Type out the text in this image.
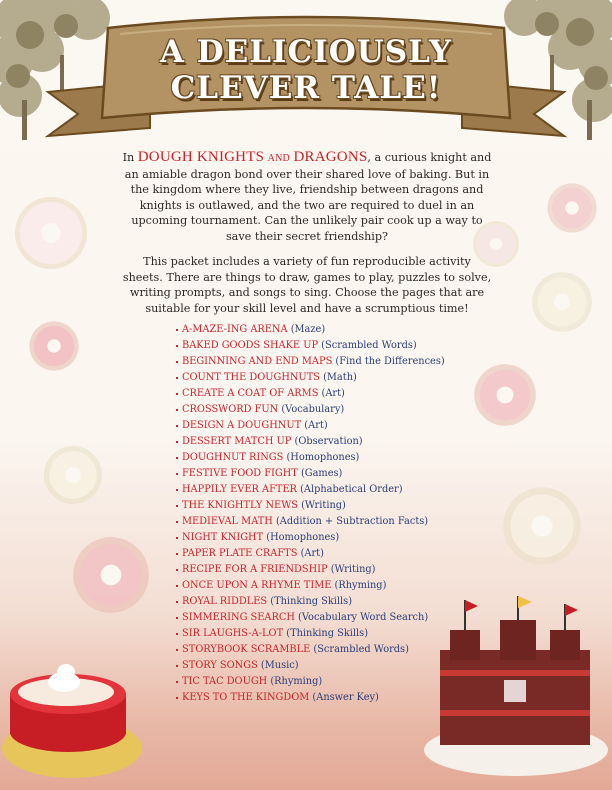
A DELICIOUSLY
CLEVER TALE!
In DOUGH KNIGHTS AND DRAGONS, a curious knight and an amiable dragon bond over their shared love of baking. But in the kingdom where they live, friendship between dragons and knights is outlawed, and the two are required to duel in an upcoming tournament. Can the unlikely pair cook up a way to save their secret friendship?
This packet includes a variety of fun reproducible activity sheets. There are things to draw, games to play, puzzles to solve, writing prompts, and songs to sing. Choose the pages that are suitable for your skill level and have a scrumptious time!
A-MAZE-ING ARENA (Maze)
BAKED GOODS SHAKE UP (Scrambled Words)
BEGINNING AND END MAPS (Find the Differences)
COUNT THE DOUGHNUTS (Math)
CREATE A COAT OF ARMS (Art)
CROSSWORD FUN (Vocabulary)
DESIGN A DOUGHNUT (Art)
DESSERT MATCH UP (Observation)
DOUGHNUT RINGS (Homophones)
FESTIVE FOOD FIGHT (Games)
HAPPILY EVER AFTER (Alphabetical Order)
THE KNIGHTLY NEWS (Writing)
MEDIEVAL MATH (Addition + Subtraction Facts)
NIGHT KNIGHT (Homophones)
PAPER PLATE CRAFTS (Art)
RECIPE FOR A FRIENDSHIP (Writing)
ONCE UPON A RHYME TIME (Rhyming)
ROYAL RIDDLES (Thinking Skills)
SIMMERING SEARCH (Vocabulary Word Search)
SIR LAUGHS-A-LOT (Thinking Skills)
STORYBOOK SCRAMBLE (Scrambled Words)
STORY SONGS (Music)
TIC TAC DOUGH (Rhyming)
KEYS TO THE KINGDOM (Answer Key)
